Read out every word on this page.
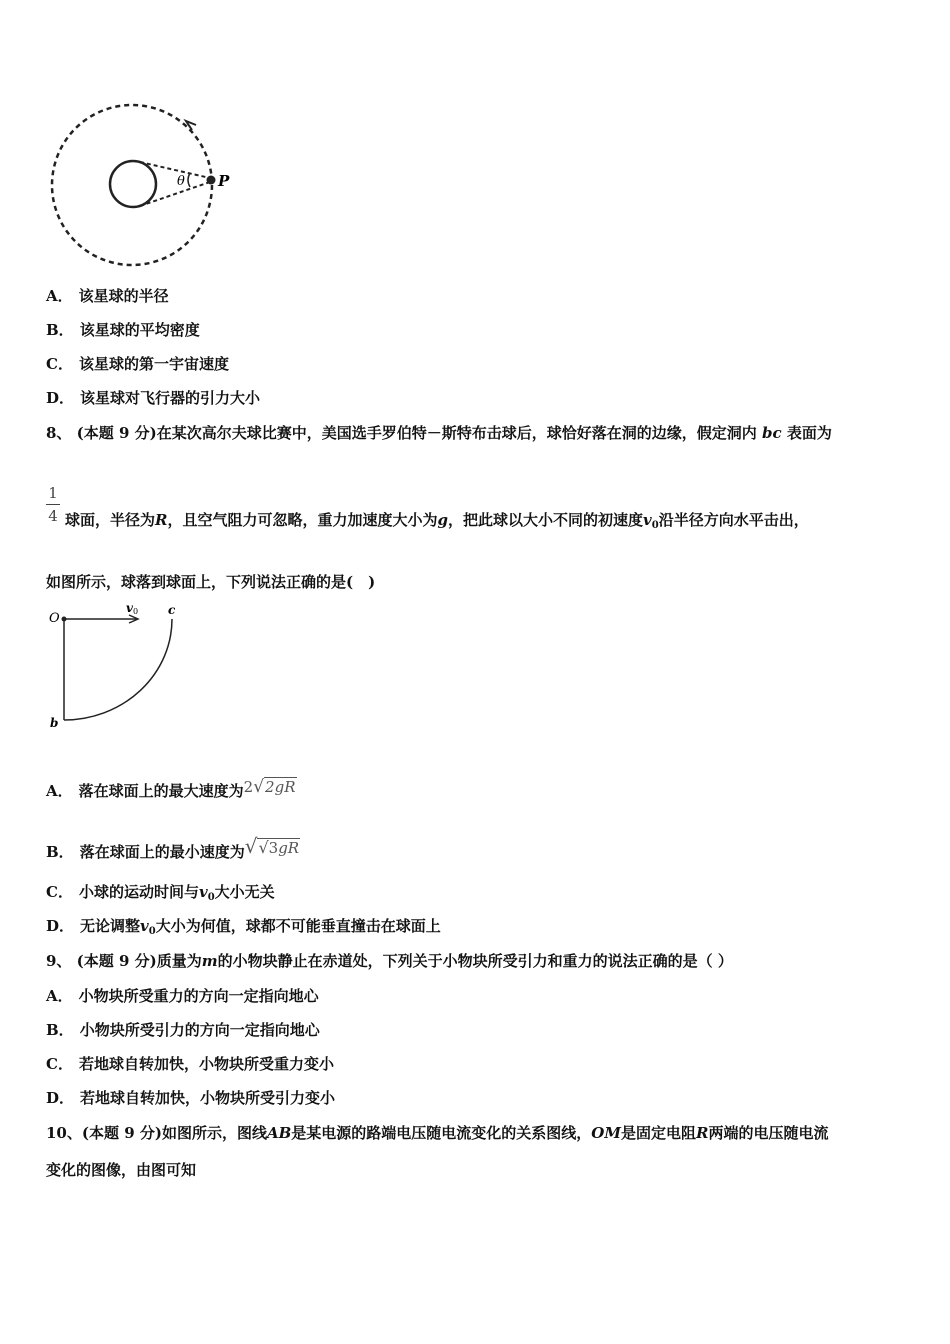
θ P
A． 该星球的半径
B． 该星球的平均密度
C． 该星球的第一宇宙速度
D． 该星球对飞行器的引力大小
8、 (本题 9 分)在某次高尔夫球比赛中，美国选手罗伯特－斯特布击球后，球恰好落在洞的边缘，假定洞内 bc 表面为
1
4 球面，半径为R，且空气阻力可忽略，重力加速度大小为g，把此球以大小不同的初速度$v_0$沿半径方向水平击出，
如图所示，球落到球面上，下列说法正确的是(　)
O
v 0 c
b
A． 落在球面上的最大速度为2√2gR
B． 落在球面上的最小速度为√√3gR
C． 小球的运动时间与$v_0$大小无关
D． 无论调整$v_0$大小为何值，球都不可能垂直撞击在球面上
9、 (本题 9 分)质量为m的小物块静止在赤道处，下列关于小物块所受引力和重力的说法正确的是（ ）
A． 小物块所受重力的方向一定指向地心
B． 小物块所受引力的方向一定指向地心
C． 若地球自转加快，小物块所受重力变小
D． 若地球自转加快，小物块所受引力变小
10、(本题 9 分)如图所示，图线AB是某电源的路端电压随电流变化的关系图线，OM是固定电阻R两端的电压随电流
变化的图像，由图可知
